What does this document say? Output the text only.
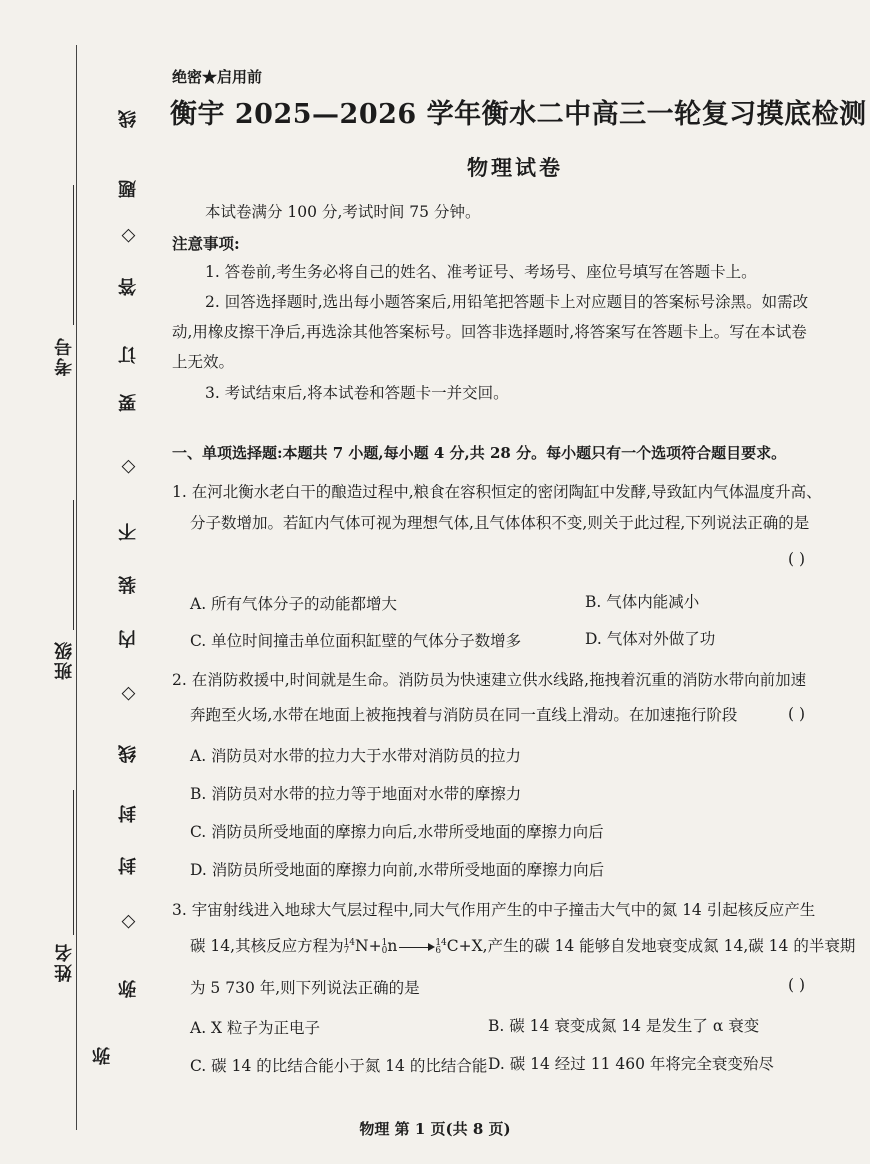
考号
班级
姓名
线
题
◇
答
订
要
◇
不
装
内
◇
线
封
封
◇
弥
弥
绝密★启用前
衡宇 2025—2026 学年衡水二中高三一轮复习摸底检测
物理试卷
本试卷满分 100 分,考试时间 75 分钟。
注意事项:
1. 答卷前,考生务必将自己的姓名、准考证号、考场号、座位号填写在答题卡上。
2. 回答选择题时,选出每小题答案后,用铅笔把答题卡上对应题目的答案标号涂黑。如需改
动,用橡皮擦干净后,再选涂其他答案标号。回答非选择题时,将答案写在答题卡上。写在本试卷
上无效。
3. 考试结束后,将本试卷和答题卡一并交回。
一、单项选择题:本题共 7 小题,每小题 4 分,共 28 分。每小题只有一个选项符合题目要求。
1. 在河北衡水老白干的酿造过程中,粮食在容积恒定的密闭陶缸中发酵,导致缸内气体温度升高、
分子数增加。若缸内气体可视为理想气体,且气体体积不变,则关于此过程,下列说法正确的是
( )
A. 所有气体分子的动能都增大	B. 气体内能减小
C. 单位时间撞击单位面积缸壁的气体分子数增多	D. 气体对外做了功
2. 在消防救援中,时间就是生命。消防员为快速建立供水线路,拖拽着沉重的消防水带向前加速
奔跑至火场,水带在地面上被拖拽着与消防员在同一直线上滑动。在加速拖行阶段	( )
A. 消防员对水带的拉力大于水带对消防员的拉力
B. 消防员对水带的拉力等于地面对水带的摩擦力
C. 消防员所受地面的摩擦力向后,水带所受地面的摩擦力向后
D. 消防员所受地面的摩擦力向前,水带所受地面的摩擦力向后
3. 宇宙射线进入地球大气层过程中,同大气作用产生的中子撞击大气中的氮 14 引起核反应产生
碳 14,其核反应方程为 14
7 N+ 1
0 n → 14
6 C+X,产生的碳 14 能够自发地衰变成氮 14,碳 14 的半衰期
为 5 730 年,则下列说法正确的是	( )
A. X 粒子为正电子	B. 碳 14 衰变成氮 14 是发生了 α 衰变
C. 碳 14 的比结合能小于氮 14 的比结合能 D. 碳 14 经过 11 460 年将完全衰变殆尽
物理 第 1 页(共 8 页)
